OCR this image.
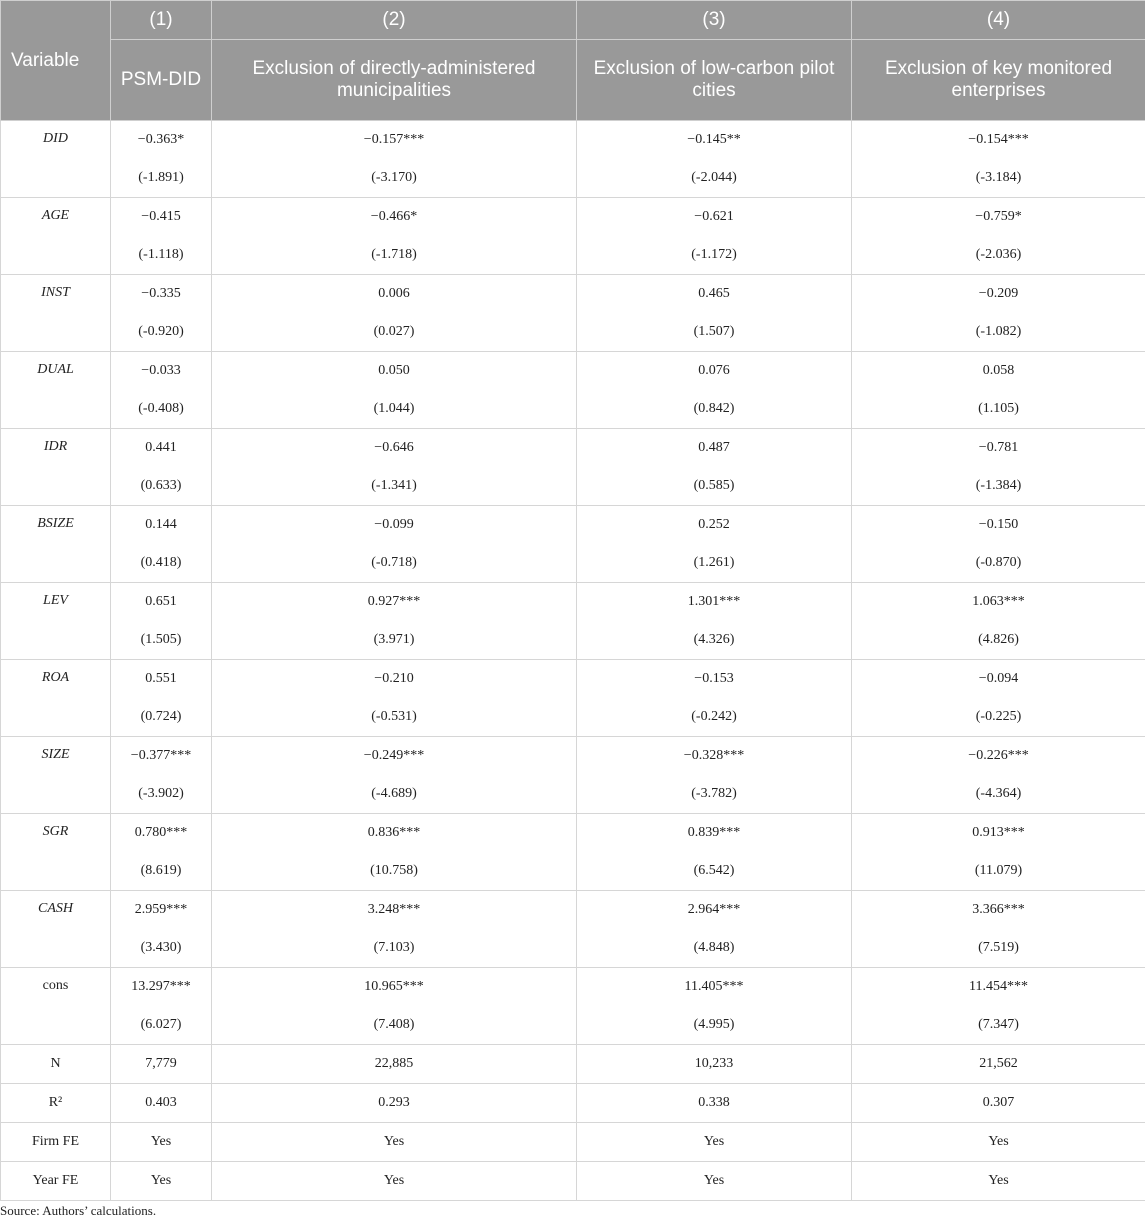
Variable	(1)	(2)	(3)	(4)
	PSM-DID	Exclusion of directly-administered municipalities	Exclusion of low-carbon pilot cities	Exclusion of key monitored enterprises
DID	−0.363*	−0.157***	−0.145**	−0.154***
	(-1.891)	(-3.170)	(-2.044)	(-3.184)
AGE	−0.415	−0.466*	−0.621	−0.759*
	(-1.118)	(-1.718)	(-1.172)	(-2.036)
INST	−0.335	0.006	0.465	−0.209
	(-0.920)	(0.027)	(1.507)	(-1.082)
DUAL	−0.033	0.050	0.076	0.058
	(-0.408)	(1.044)	(0.842)	(1.105)
IDR	0.441	−0.646	0.487	−0.781
	(0.633)	(-1.341)	(0.585)	(-1.384)
BSIZE	0.144	−0.099	0.252	−0.150
	(0.418)	(-0.718)	(1.261)	(-0.870)
LEV	0.651	0.927***	1.301***	1.063***
	(1.505)	(3.971)	(4.326)	(4.826)
ROA	0.551	−0.210	−0.153	−0.094
	(0.724)	(-0.531)	(-0.242)	(-0.225)
SIZE	−0.377***	−0.249***	−0.328***	−0.226***
	(-3.902)	(-4.689)	(-3.782)	(-4.364)
SGR	0.780***	0.836***	0.839***	0.913***
	(8.619)	(10.758)	(6.542)	(11.079)
CASH	2.959***	3.248***	2.964***	3.366***
	(3.430)	(7.103)	(4.848)	(7.519)
cons	13.297***	10.965***	11.405***	11.454***
	(6.027)	(7.408)	(4.995)	(7.347)
N	7,779	22,885	10,233	21,562
R²	0.403	0.293	0.338	0.307
Firm FE	Yes	Yes	Yes	Yes
Year FE	Yes	Yes	Yes	Yes
Source: Authors’ calculations.
